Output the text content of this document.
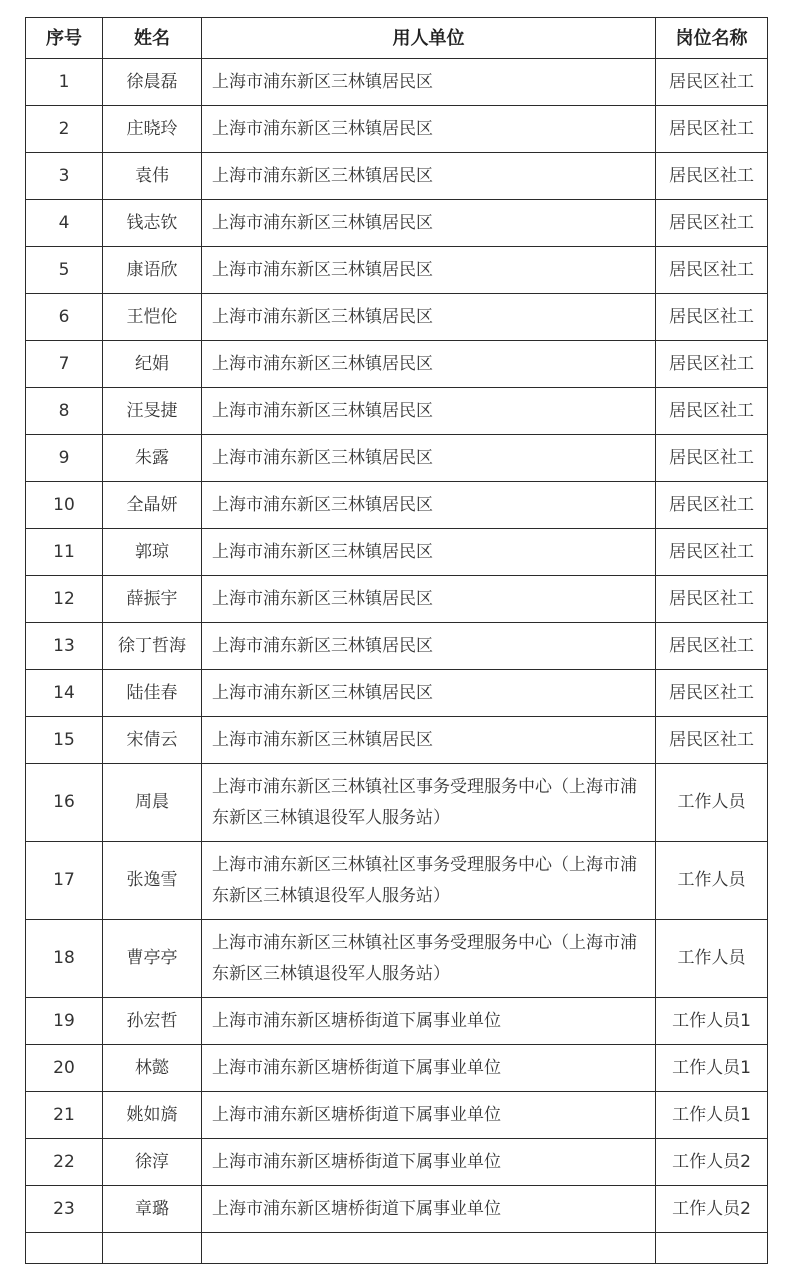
序号	姓名	用人单位	岗位名称
1	徐晨磊	上海市浦东新区三林镇居民区	居民区社工
2	庄晓玲	上海市浦东新区三林镇居民区	居民区社工
3	袁伟	上海市浦东新区三林镇居民区	居民区社工
4	钱志钦	上海市浦东新区三林镇居民区	居民区社工
5	康语欣	上海市浦东新区三林镇居民区	居民区社工
6	王恺伦	上海市浦东新区三林镇居民区	居民区社工
7	纪娟	上海市浦东新区三林镇居民区	居民区社工
8	汪旻捷	上海市浦东新区三林镇居民区	居民区社工
9	朱露	上海市浦东新区三林镇居民区	居民区社工
10	全晶妍	上海市浦东新区三林镇居民区	居民区社工
11	郭琼	上海市浦东新区三林镇居民区	居民区社工
12	薛振宇	上海市浦东新区三林镇居民区	居民区社工
13	徐丁哲海	上海市浦东新区三林镇居民区	居民区社工
14	陆佳春	上海市浦东新区三林镇居民区	居民区社工
15	宋倩云	上海市浦东新区三林镇居民区	居民区社工
16	周晨	上海市浦东新区三林镇社区事务受理服务中心（上海市浦东新区三林镇退役军人服务站）	工作人员
17	张逸雪	上海市浦东新区三林镇社区事务受理服务中心（上海市浦东新区三林镇退役军人服务站）	工作人员
18	曹亭亭	上海市浦东新区三林镇社区事务受理服务中心（上海市浦东新区三林镇退役军人服务站）	工作人员
19	孙宏哲	上海市浦东新区塘桥街道下属事业单位	工作人员1
20	林懿	上海市浦东新区塘桥街道下属事业单位	工作人员1
21	姚如旖	上海市浦东新区塘桥街道下属事业单位	工作人员1
22	徐淳	上海市浦东新区塘桥街道下属事业单位	工作人员2
23	章璐	上海市浦东新区塘桥街道下属事业单位	工作人员2
